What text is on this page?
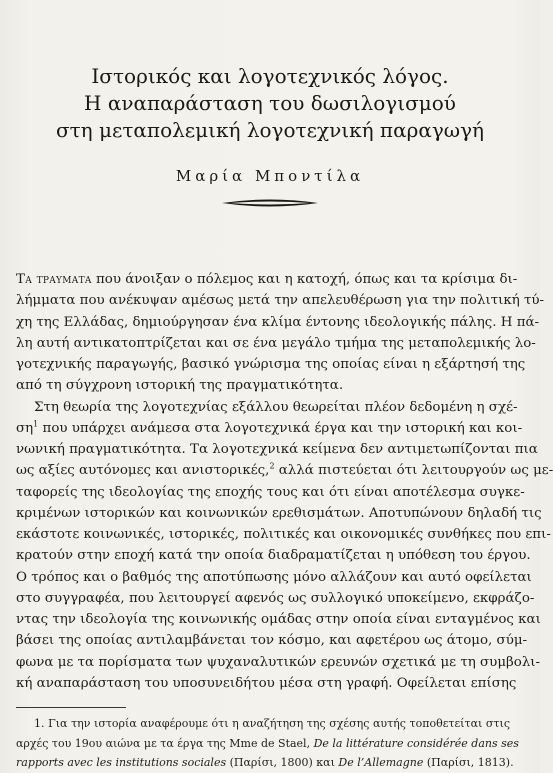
Ιστορικός και λογοτεχνικός λόγος.
Η αναπαράσταση του δωσιλογισμού
στη μεταπολεμική λογοτεχνική παραγωγή
Μαρία Μποντίλα
Τα τραυματα που άνοιξαν ο πόλεμος και η κατοχή, όπως και τα κρίσιμα δι-
λήμματα που ανέκυψαν αμέσως μετά την απελευθέρωση για την πολιτική τύ-
χη της Ελλάδας, δημιούργησαν ένα κλίμα έντονης ιδεολογικής πάλης. Η πά-
λη αυτή αντικατοπτρίζεται και σε ένα μεγάλο τμήμα της μεταπολεμικής λο-
γοτεχνικής παραγωγής, βασικό γνώρισμα της οποίας είναι η εξάρτησή της
από τη σύγχρονη ιστορική της πραγματικότητα.
Στη θεωρία της λογοτεχνίας εξάλλου θεωρείται πλέον δεδομένη η σχέ-
$\sigma\eta^1$ που υπάρχει ανάμεσα στα λογοτεχνικά έργα και την ιστορική και κοι-
νωνική πραγματικότητα. Τα λογοτεχνικά κείμενα δεν αντιμετωπίζονται πια
ως αξίες αυτόνομες και ανιστορικές,$^2$ αλλά πιστεύεται ότι λειτουργούν ως με-
ταφορείς της ιδεολογίας της εποχής τους και ότι είναι αποτέλεσμα συγκε-
κριμένων ιστορικών και κοινωνικών ερεθισμάτων. Αποτυπώνουν δηλαδή τις
εκάστοτε κοινωνικές, ιστορικές, πολιτικές και οικονομικές συνθήκες που επι-
κρατούν στην εποχή κατά την οποία διαδραματίζεται η υπόθεση του έργου.
Ο τρόπος και ο βαθμός της αποτύπωσης μόνο αλλάζουν και αυτό οφείλεται
στο συγγραφέα, που λειτουργεί αφενός ως συλλογικό υποκείμενο, εκφράζο-
ντας την ιδεολογία της κοινωνικής ομάδας στην οποία είναι ενταγμένος και
βάσει της οποίας αντιλαμβάνεται τον κόσμο, και αφετέρου ως άτομο, σύμ-
φωνα με τα πορίσματα των ψυχαναλυτικών ερευνών σχετικά με τη συμβολι-
κή αναπαράσταση του υποσυνειδήτου μέσα στη γραφή. Οφείλεται επίσης
1. Για την ιστορία αναφέρουμε ότι η αναζήτηση της σχέσης αυτής τοποθετείται στις
αρχές του 19ου αιώνα με τα έργα της Mme de Stael, De la littérature considérée dans ses
rapports avec les institutions sociales (Παρίσι, 1800) και De l’Allemagne (Παρίσι, 1813).
